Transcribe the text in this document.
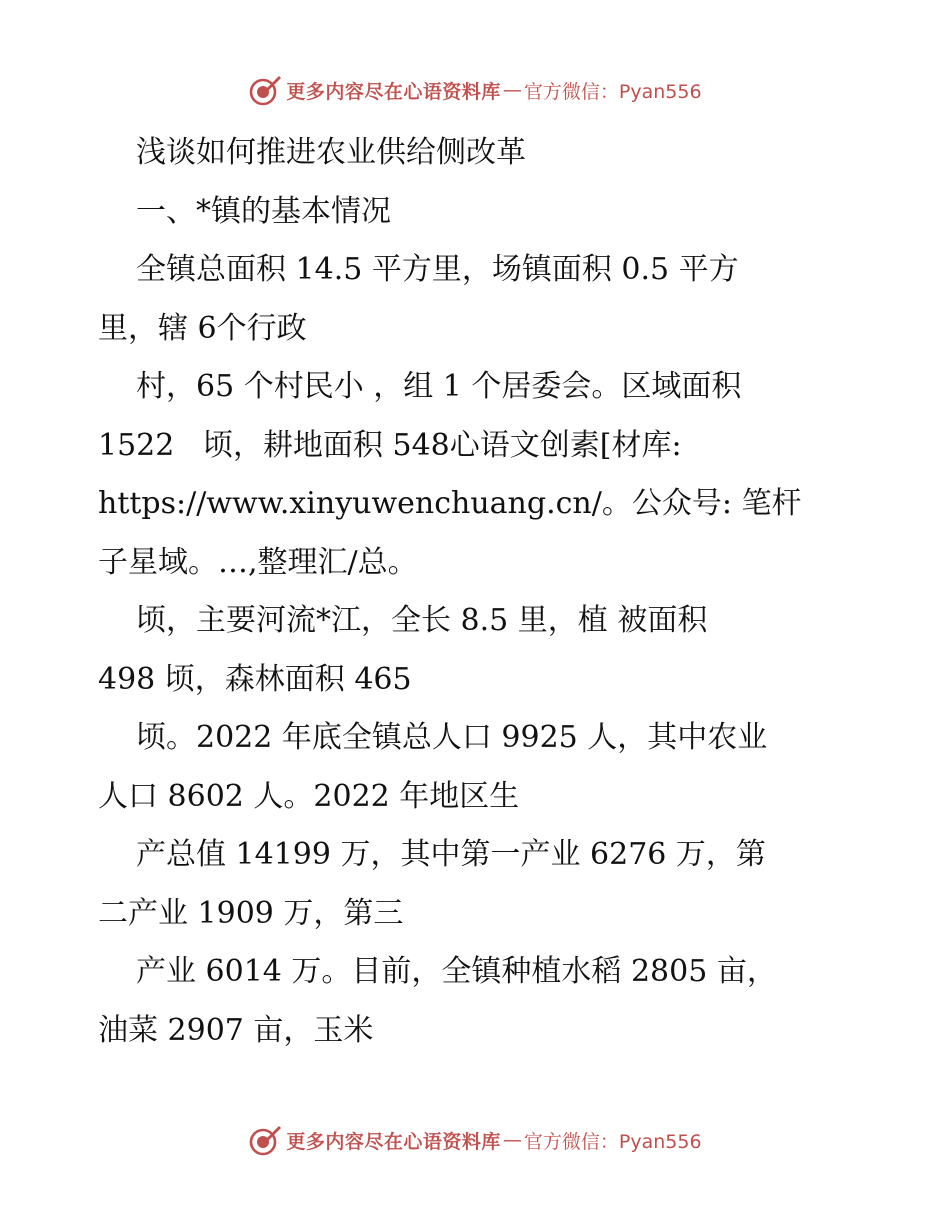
更多内容尽在心语资料库 — 官方微信：Pyan556

浅谈如何推进农业供给侧改革

一、*镇的基本情况

全镇总面积 14.5 平方里，场镇面积 0.5 平方

里，辖 6个行政

村，65 个村民小 ，组 1 个居委会。区域面积

1522   顷，耕地面积 548心语文创素[材库:

https://www.xinyuwenchuang.cn/。公众号: 笔杆

子星域。…,整理汇/总。

顷，主要河流*江，全长 8.5 里，植 被面积

498 顷，森林面积 465

顷。2022 年底全镇总人口 9925 人，其中农业

人口 8602 人。2022 年地区生

产总值 14199 万，其中第一产业 6276 万，第

二产业 1909 万，第三

产业 6014 万。目前，全镇种植水稻 2805 亩，

油菜 2907 亩，玉米

更多内容尽在心语资料库 — 官方微信：Pyan556
